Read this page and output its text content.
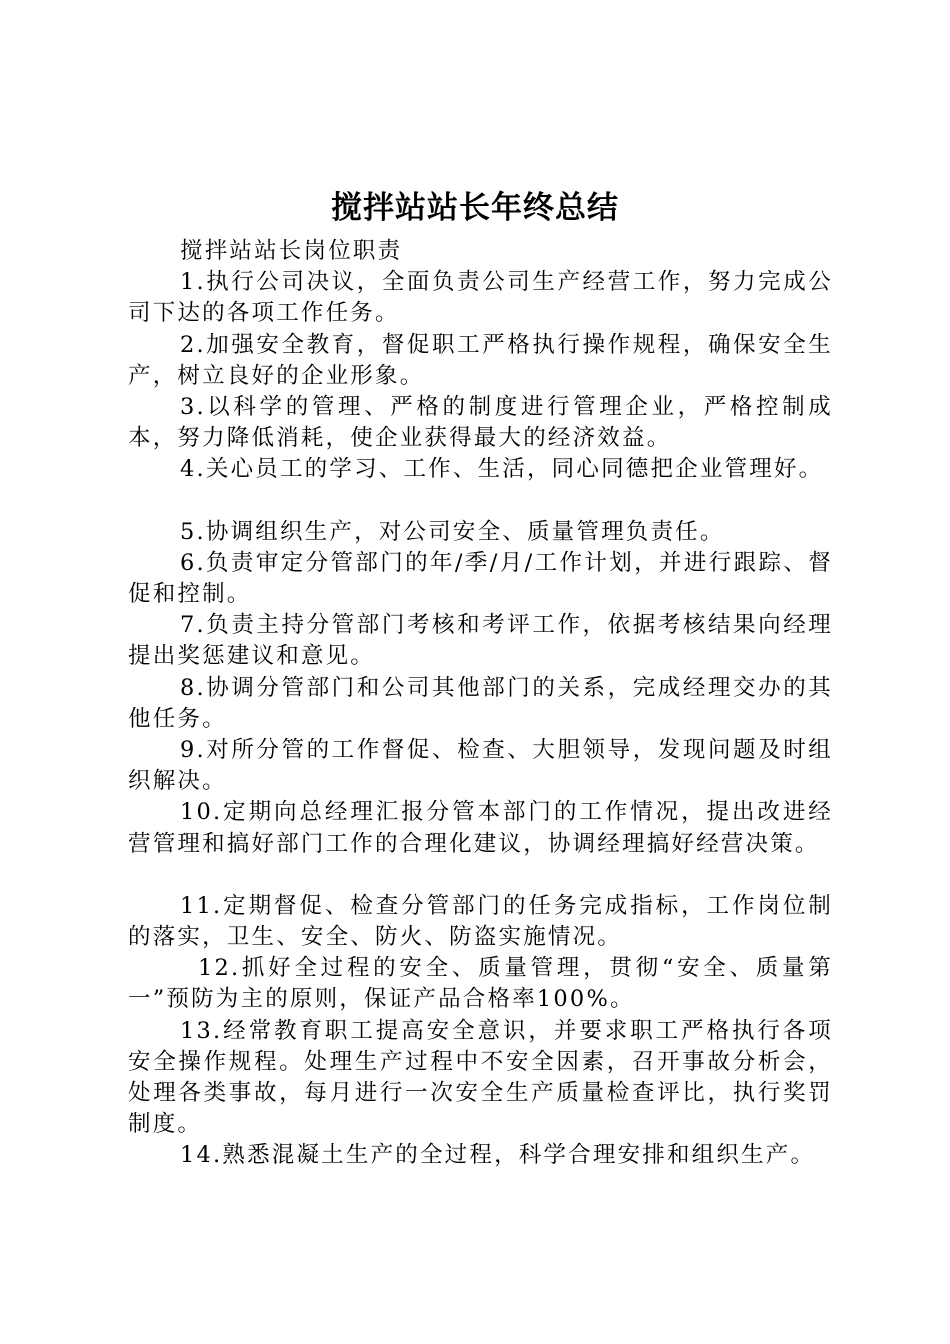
搅拌站站长年终总结

搅拌站站长岗位职责

1.执行公司决议，全面负责公司生产经营工作，努力完成公司下达的各项工作任务。

2.加强安全教育，督促职工严格执行操作规程，确保安全生产，树立良好的企业形象。

3.以科学的管理、严格的制度进行管理企业，严格控制成本，努力降低消耗，使企业获得最大的经济效益。

4.关心员工的学习、工作、生活，同心同德把企业管理好。

5.协调组织生产，对公司安全、质量管理负责任。

6.负责审定分管部门的年/季/月/工作计划，并进行跟踪、督促和控制。

7.负责主持分管部门考核和考评工作，依据考核结果向经理提出奖惩建议和意见。

8.协调分管部门和公司其他部门的关系，完成经理交办的其他任务。

9.对所分管的工作督促、检查、大胆领导，发现问题及时组织解决。

10.定期向总经理汇报分管本部门的工作情况，提出改进经营管理和搞好部门工作的合理化建议，协调经理搞好经营决策。

11.定期督促、检查分管部门的任务完成指标，工作岗位制的落实，卫生、安全、防火、防盗实施情况。

12.抓好全过程的安全、质量管理，贯彻“安全、质量第一”预防为主的原则，保证产品合格率100%。

13.经常教育职工提高安全意识，并要求职工严格执行各项安全操作规程。处理生产过程中不安全因素，召开事故分析会，处理各类事故，每月进行一次安全生产质量检查评比，执行奖罚制度。

14.熟悉混凝土生产的全过程，科学合理安排和组织生产。
